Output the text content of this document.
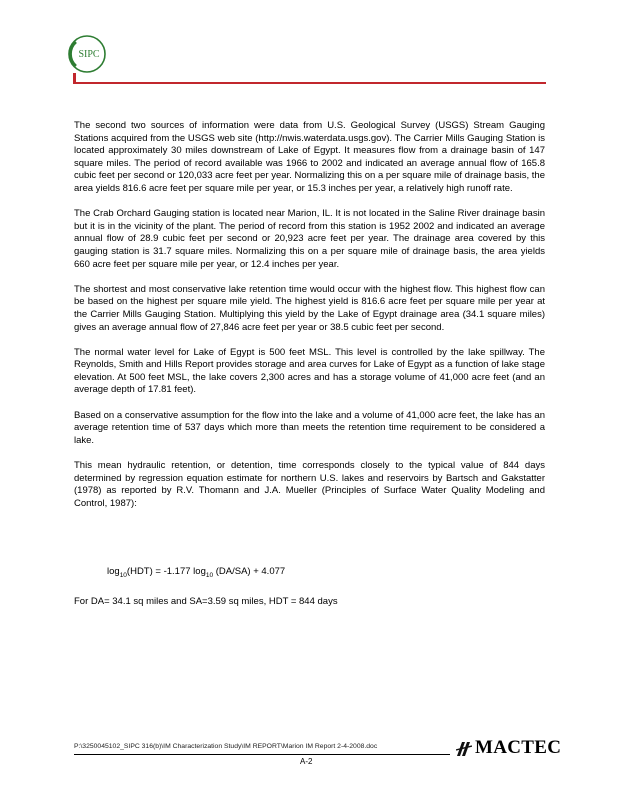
SIPC

The second two sources of information were data from U.S. Geological Survey (USGS) Stream Gauging Stations acquired from the USGS web site (http://nwis.waterdata.usgs.gov). The Carrier Mills Gauging Station is located approximately 30 miles downstream of Lake of Egypt. It measures flow from a drainage basin of 147 square miles. The period of record available was 1966 to 2002 and indicated an average annual flow of 165.8 cubic feet per second or 120,033 acre feet per year. Normalizing this on a per square mile of drainage basis, the area yields 816.6 acre feet per square mile per year, or 15.3 inches per year, a relatively high runoff rate.

The Crab Orchard Gauging station is located near Marion, IL. It is not located in the Saline River drainage basin but it is in the vicinity of the plant. The period of record from this station is 1952 2002 and indicated an average annual flow of 28.9 cubic feet per second or 20,923 acre feet per year. The drainage area covered by this gauging station is 31.7 square miles. Normalizing this on a per square mile of drainage basis, the area yields 660 acre feet per square mile per year, or 12.4 inches per year.

The shortest and most conservative lake retention time would occur with the highest flow. This highest flow can be based on the highest per square mile yield. The highest yield is 816.6 acre feet per square mile per year at the Carrier Mills Gauging Station. Multiplying this yield by the Lake of Egypt drainage area (34.1 square miles) gives an average annual flow of 27,846 acre feet per year or 38.5 cubic feet per second.

The normal water level for Lake of Egypt is 500 feet MSL. This level is controlled by the lake spillway. The Reynolds, Smith and Hills Report provides storage and area curves for Lake of Egypt as a function of lake stage elevation. At 500 feet MSL, the lake covers 2,300 acres and has a storage volume of 41,000 acre feet (and an average depth of 17.81 feet).

Based on a conservative assumption for the flow into the lake and a volume of 41,000 acre feet, the lake has an average retention time of 537 days which more than meets the retention time requirement to be considered a lake.

This mean hydraulic retention, or detention, time corresponds closely to the typical value of 844 days determined by regression equation estimate for northern U.S. lakes and reservoirs by Bartsch and Gakstatter (1978) as reported by R.V. Thomann and J.A. Mueller (Principles of Surface Water Quality Modeling and Control, 1987):

$\log_{10}(HDT) = -1.177$ $\log_{10} (DA/SA) + 4.077$
For DA= 34.1 sq miles and SA=3.59 sq miles, HDT = 844 days
P:\3250045102_SIPC 316(b)\IM Characterization Study\IM REPORT\Marion IM Report 2-4-2008.doc
A-2
MACTEC
